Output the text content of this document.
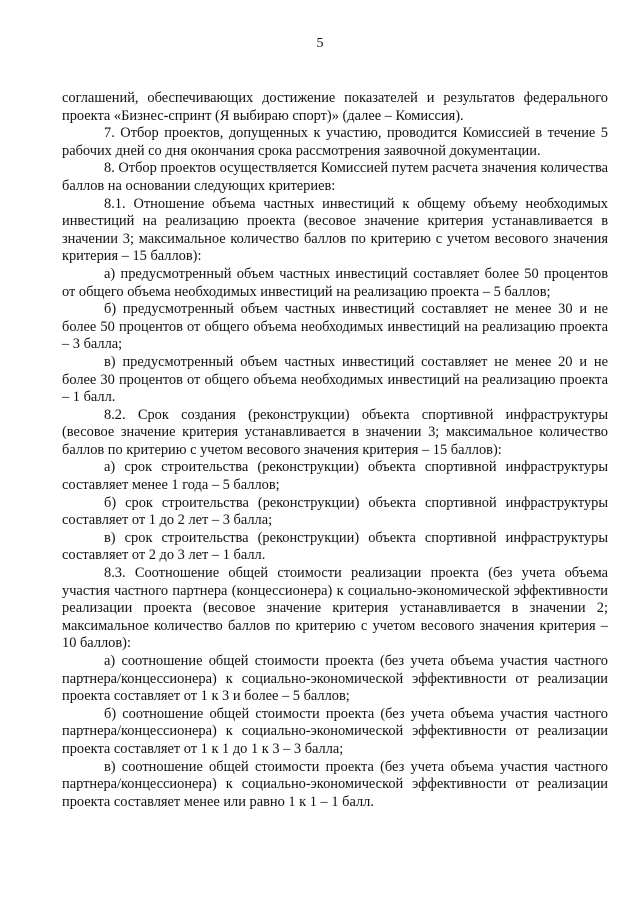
5

соглашений, обеспечивающих достижение показателей и результатов федерального проекта «Бизнес-спринт (Я выбираю спорт)» (далее – Комиссия).

7. Отбор проектов, допущенных к участию, проводится Комиссией в течение 5 рабочих дней со дня окончания срока рассмотрения заявочной документации.

8. Отбор проектов осуществляется Комиссией путем расчета значения количества баллов на основании следующих критериев:

8.1. Отношение объема частных инвестиций к общему объему необходимых инвестиций на реализацию проекта (весовое значение критерия устанавливается в значении 3; максимальное количество баллов по критерию с учетом весового значения критерия – 15 баллов):

а) предусмотренный объем частных инвестиций составляет более 50 процентов от общего объема необходимых инвестиций на реализацию проекта – 5 баллов;

б) предусмотренный объем частных инвестиций составляет не менее 30 и не более 50 процентов от общего объема необходимых инвестиций на реализацию проекта – 3 балла;

в) предусмотренный объем частных инвестиций составляет не менее 20 и не более 30 процентов от общего объема необходимых инвестиций на реализацию проекта – 1 балл.

8.2. Срок создания (реконструкции) объекта спортивной инфраструктуры (весовое значение критерия устанавливается в значении 3; максимальное количество баллов по критерию с учетом весового значения критерия – 15 баллов):

а) срок строительства (реконструкции) объекта спортивной инфраструктуры составляет менее 1 года – 5 баллов;

б) срок строительства (реконструкции) объекта спортивной инфраструктуры составляет от 1 до 2 лет – 3 балла;

в) срок строительства (реконструкции) объекта спортивной инфраструктуры составляет от 2 до 3 лет – 1 балл.

8.3. Соотношение общей стоимости реализации проекта (без учета объема участия частного партнера (концессионера) к социально-экономической эффективности реализации проекта (весовое значение критерия устанавливается в значении 2; максимальное количество баллов по критерию с учетом весового значения критерия – 10 баллов):

а) соотношение общей стоимости проекта (без учета объема участия частного партнера/концессионера) к социально-экономической эффективности от реализации проекта составляет от 1 к 3 и более – 5 баллов;

б) соотношение общей стоимости проекта (без учета объема участия частного партнера/концессионера) к социально-экономической эффективности от реализации проекта составляет от 1 к 1 до 1 к 3 – 3 балла;

в) соотношение общей стоимости проекта (без учета объема участия частного партнера/концессионера) к социально-экономической эффективности от реализации проекта составляет менее или равно 1 к 1 – 1 балл.
